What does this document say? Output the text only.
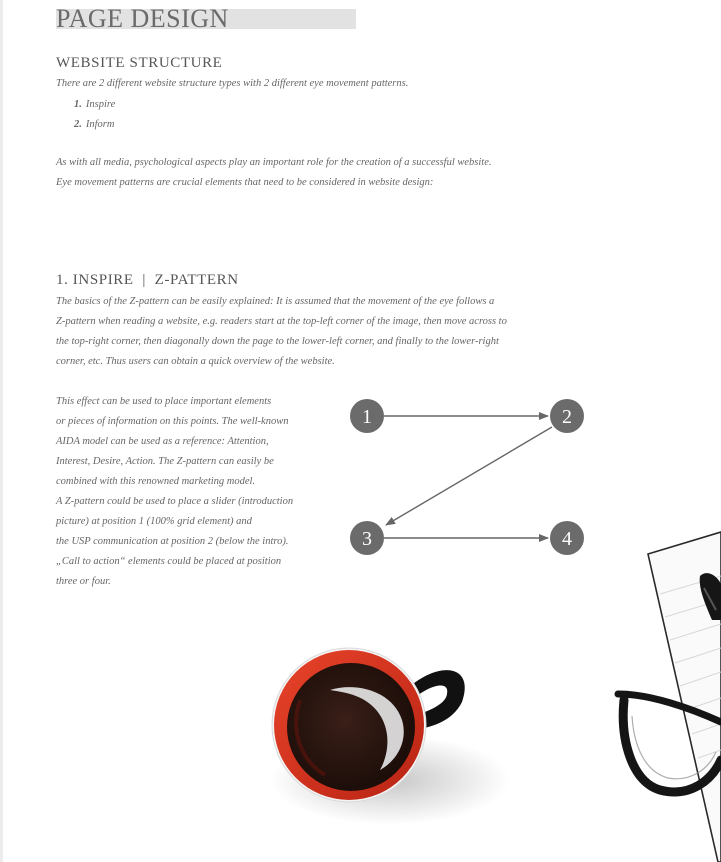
PAGE DESIGN
WEBSITE STRUCTURE

There are 2 different website structure types with 2 different eye movement patterns.

1. Inspire
2. Inform

As with all media, psychological aspects play an important role for the creation of a successful website.
Eye movement patterns are crucial elements that need to be considered in website design:

1. INSPIRE  |  Z-PATTERN

The basics of the Z-pattern can be easily explained: It is assumed that the movement of the eye follows a
Z-pattern when reading a website, e.g. readers start at the top-left corner of the image, then move across to
the top-right corner, then diagonally down the page to the lower-left corner, and finally to the lower-right
corner, etc. Thus users can obtain a quick overview of the website.

This effect can be used to place important elements
or pieces of information on this points. The well-known
AIDA model can be used as a reference: Attention,
Interest, Desire, Action. The Z-pattern can easily be
combined with this renowned marketing model.
A Z-pattern could be used to place a slider (introduction
picture) at position 1 (100% grid element) and
the USP communication at position 2 (below the intro).
„Call to action“ elements could be placed at position
three or four.

1	2
3	4
